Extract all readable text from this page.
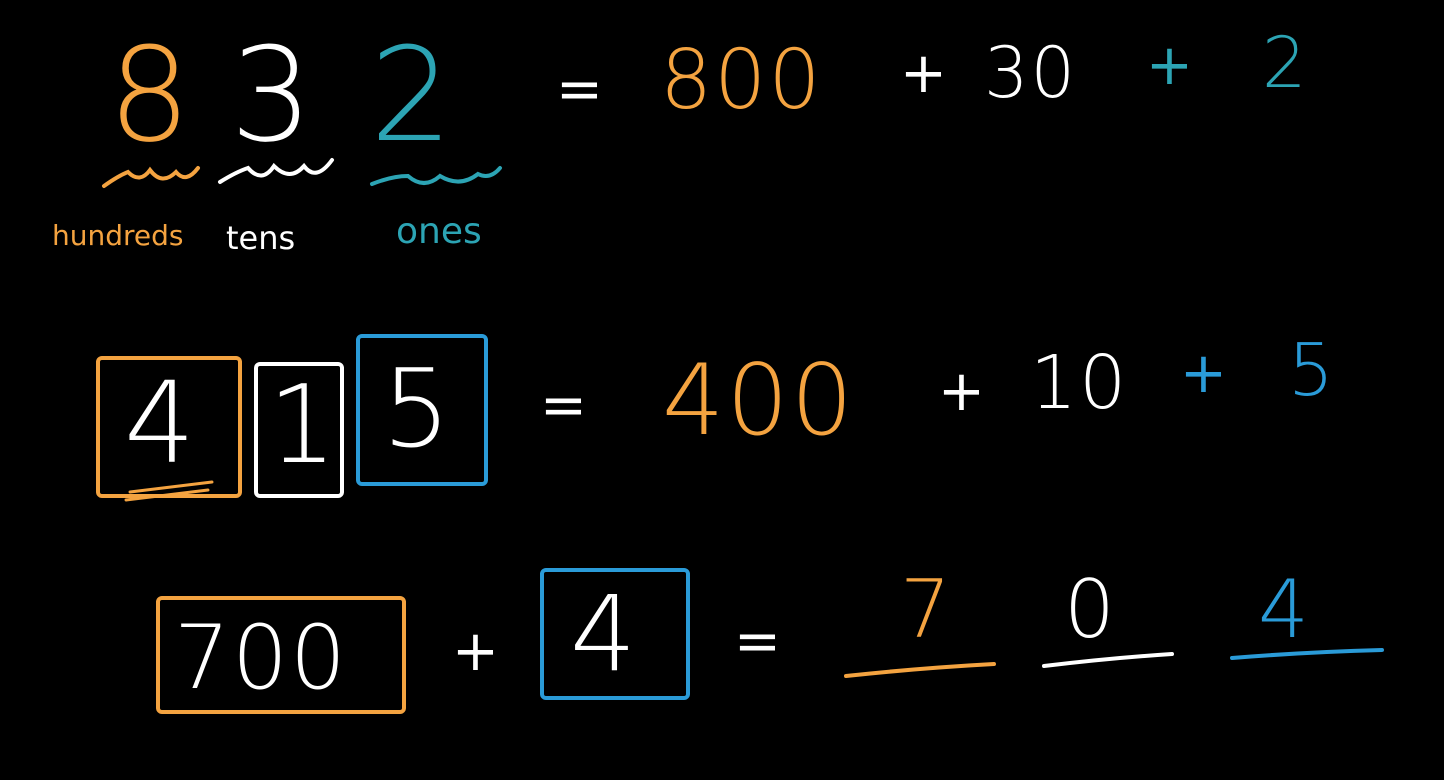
8 3 2
hundreds tens	ones
= 800 + 30 + 2
4 1 5 = 400 + 10 + 5
700 + 4 = 7 0 4
